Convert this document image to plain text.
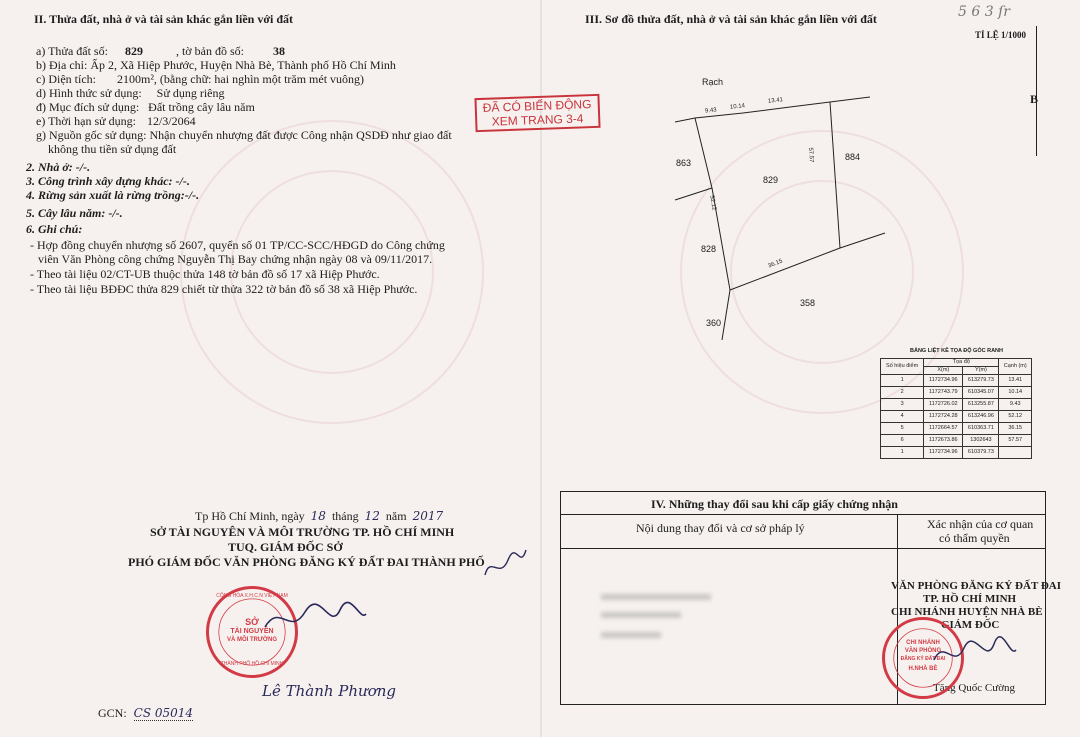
II. Thửa đất, nhà ở và tài sản khác gắn liền với đất
a) Thửa đất số: 829	, tờ bản đồ số: 38
b) Địa chỉ: Ấp 2, Xã Hiệp Phước, Huyện Nhà Bè, Thành phố Hồ Chí Minh
c) Diện tích: 2100m², (bằng chữ: hai nghìn một trăm mét vuông)
d) Hình thức sử dụng: Sử dụng riêng
đ) Mục đích sử dụng: Đất trồng cây lâu năm
e) Thời hạn sử dụng: 12/3/2064
g) Nguồn gốc sử dụng: Nhận chuyển nhượng đất được Công nhận QSDĐ như giao đất
không thu tiền sử dụng đất
2. Nhà ở: -/-.
3. Công trình xây dựng khác: -/-.
4. Rừng sản xuất là rừng trồng:-/-.
5. Cây lâu năm: -/-.
6. Ghi chú:
- Hợp đồng chuyển nhượng số 2607, quyển số 01 TP/CC-SCC/HĐGD do Công chứng
viên Văn Phòng công chứng Nguyễn Thị Bay chứng nhận ngày 08 và 09/11/2017.
- Theo tài liệu 02/CT-UB thuộc thửa 148 tờ bản đồ số 17 xã Hiệp Phước.
- Theo tài liệu BĐĐC thửa 829 chiết từ thửa 322 tờ bản đồ số 38 xã Hiệp Phước.
ĐÃ CÓ BIẾN ĐỘNG
XEM TRANG 3-4
Tp Hồ Chí Minh, ngày 18 tháng 12 năm 2017
SỞ TÀI NGUYÊN VÀ MÔI TRƯỜNG TP. HỒ CHÍ MINH
TUQ. GIÁM ĐỐC SỞ
PHÓ GIÁM ĐỐC VĂN PHÒNG ĐĂNG KÝ ĐẤT ĐAI THÀNH PHỐ
CÔNG HÒA X.H.C.N VIỆT NAM
SỞ
TÀI NGUYÊN
VÀ MÔI TRƯỜNG
THÀNH PHỐ HỒ CHÍ MINH
Lê Thành Phương
GCN: CS 05014
III. Sơ đồ thửa đất, nhà ở và tài sản khác gắn liền với đất	5 6 3 ſr
TỈ LỆ 1/1000
B
Rạch
829
863
884
828
358
360
9.43
10.14
13.41
57.57
52.12
36.15
BẢNG LIỆT KÊ TỌA ĐỘ GÓC RANH
Số hiệu điểm	Tọa độ		Cạnh (m)
	X(m)	Y(m)	
1	1172734.96	613279.73	13.41
2	1172743.79	610345.07	10.14
3	1172726.02	613255.87	9.43
4	1172724.28	613246.96	52.12
5	1172664.57	610363.71	36.15
6	1172673.86	1302643	57.57
1	1172734.96	610379.73	
IV. Những thay đổi sau khi cấp giấy chứng nhận
Nội dung thay đổi và cơ sở pháp lý	Xác nhận của cơ quan
có thẩm quyền
VĂN PHÒNG ĐĂNG KÝ ĐẤT ĐAI
TP. HỒ CHÍ MINH
CHI NHÁNH HUYỆN NHÀ BÈ
GIÁM ĐỐC
Tăng Quốc Cường
CHI NHÁNH
VĂN PHÒNG
ĐĂNG KÝ ĐẤT ĐAI
H.NHÀ BÈ
